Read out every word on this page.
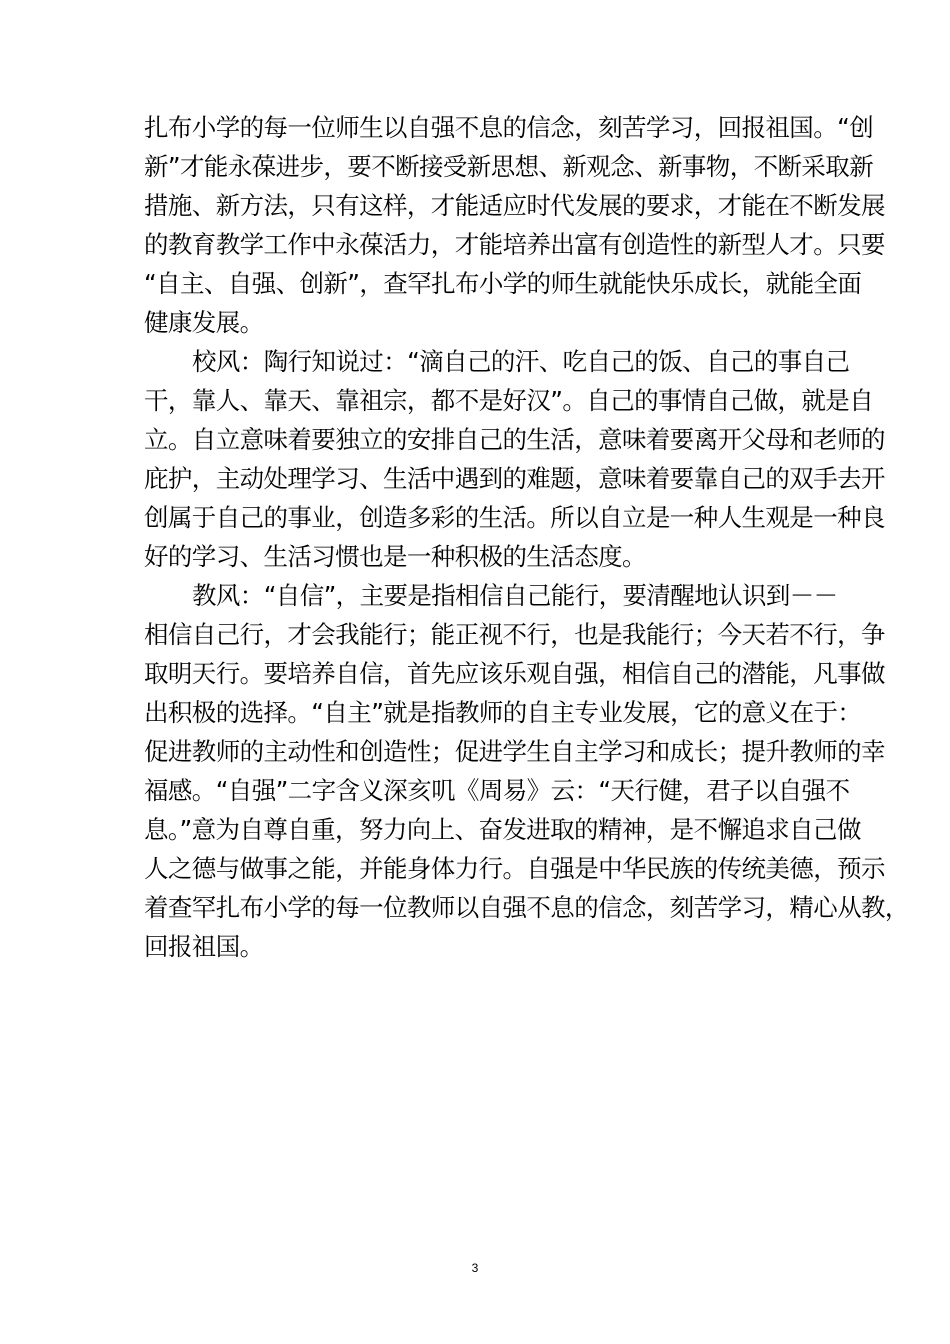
扎布小学的每一位师生以自强不息的信念，刻苦学习，回报祖国。“创
新”才能永葆进步，要不断接受新思想、新观念、新事物，不断采取新
措施、新方法，只有这样，才能适应时代发展的要求，才能在不断发展
的教育教学工作中永葆活力，才能培养出富有创造性的新型人才。只要
“自主、自强、创新”，查罕扎布小学的师生就能快乐成长，就能全面
健康发展。
校风：陶行知说过：“滴自己的汗、吃自己的饭、自己的事自己
干，靠人、靠天、靠祖宗，都不是好汉”。自己的事情自己做，就是自
立。自立意味着要独立的安排自己的生活，意味着要离开父母和老师的
庇护，主动处理学习、生活中遇到的难题，意味着要靠自己的双手去开
创属于自己的事业，创造多彩的生活。所以自立是一种人生观是一种良
好的学习、生活习惯也是一种积极的生活态度。
教风：“自信”，主要是指相信自己能行，要清醒地认识到－－
相信自己行，才会我能行；能正视不行，也是我能行；今天若不行，争
取明天行。要培养自信，首先应该乐观自强，相信自己的潜能，凡事做
出积极的选择。“自主”就是指教师的自主专业发展，它的意义在于：
促进教师的主动性和创造性；促进学生自主学习和成长；提升教师的幸
福感。“自强”二字含义深亥叽《周易》云：“天行健，君子以自强不
息。”意为自尊自重，努力向上、奋发进取的精神，是不懈追求自己做
人之德与做事之能，并能身体力行。自强是中华民族的传统美德，预示
着查罕扎布小学的每一位教师以自强不息的信念，刻苦学习，精心从教，
回报祖国。
3
